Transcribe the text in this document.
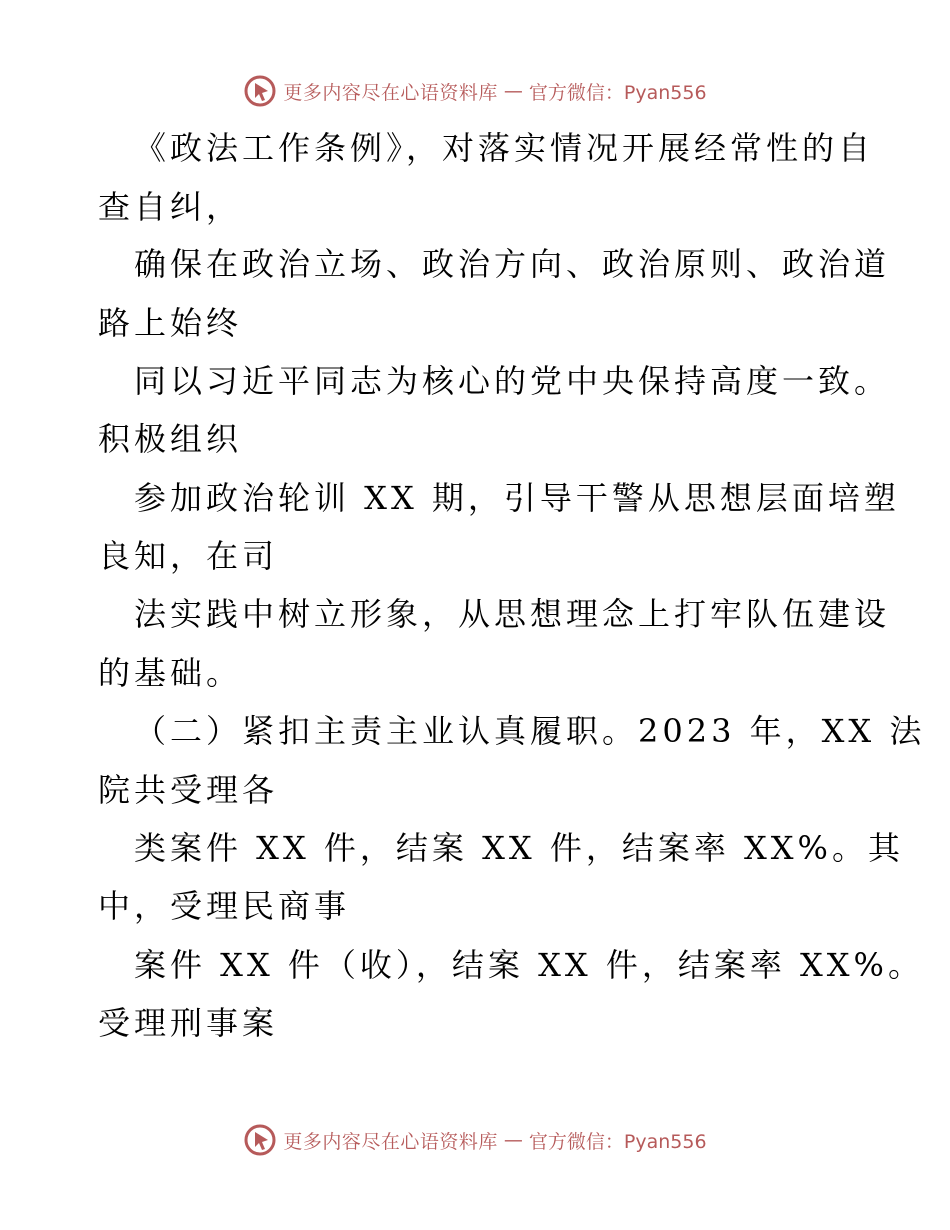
更多内容尽在心语资料库 — 官方微信：Pyan556
《政法工作条例》，对落实情况开展经常性的自
查自纠，
确保在政治立场、政治方向、政治原则、政治道
路上始终
同以习近平同志为核心的党中央保持高度一致。
积极组织
参加政治轮训 XX 期，引导干警从思想层面培塑
良知，在司
法实践中树立形象，从思想理念上打牢队伍建设
的基础。
（二）紧扣主责主业认真履职。2023 年，XX 法
院共受理各
类案件 XX 件，结案 XX 件，结案率 XX%。其
中，受理民商事
案件 XX 件（收），结案 XX 件，结案率 XX%。
受理刑事案
更多内容尽在心语资料库 — 官方微信：Pyan556
